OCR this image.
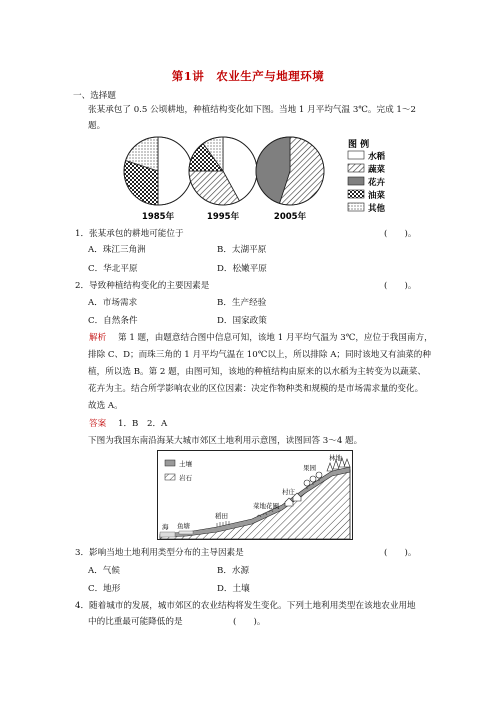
第1讲　农业生产与地理环境
一、选择题
张某承包了 0.5 公顷耕地，种植结构变化如下图。当地 1 月平均气温 3℃。完成 1～2
题。
1985年	1995年	2005年
图 例
水稻
蔬菜
花卉
油菜
其他
1．张某承包的耕地可能位于	(　　)。
A．珠江三角洲	B．太湖平原
C．华北平原	D．松嫩平原
2．导致种植结构变化的主要因素是	(　　)。
A．市场需求	B．生产经验
C．自然条件	D．国家政策
解析 第 1 题，由题意结合图中信息可知，该地 1 月平均气温为 3℃，应位于我国南方，
排除 C、D；而珠三角的 1 月平均气温在 10℃以上，所以排除 A；同时该地又有油菜的种
植，所以选 B。第 2 题，由图可知，该地的种植结构由原来的以水稻为主转变为以蔬菜、
花卉为主。结合所学影响农业的区位因素：决定作物种类和规模的是市场需求量的变化。
故选 A。
答案 1．B　2．A
下图为我国东南沿海某大城市郊区土地利用示意图，读图回答 3～4 题。
土壤
岩石
海 鱼塘
稻田
菜地花圃
村庄
果园
林地
3．影响当地土地利用类型分布的主导因素是	(　　)。
A．气候	B．水源
C．地形	D．土壤
4．随着城市的发展，城市郊区的农业结构将发生变化。下列土地利用类型在该地农业用地
中的比重最可能降低的是	(　　)。
